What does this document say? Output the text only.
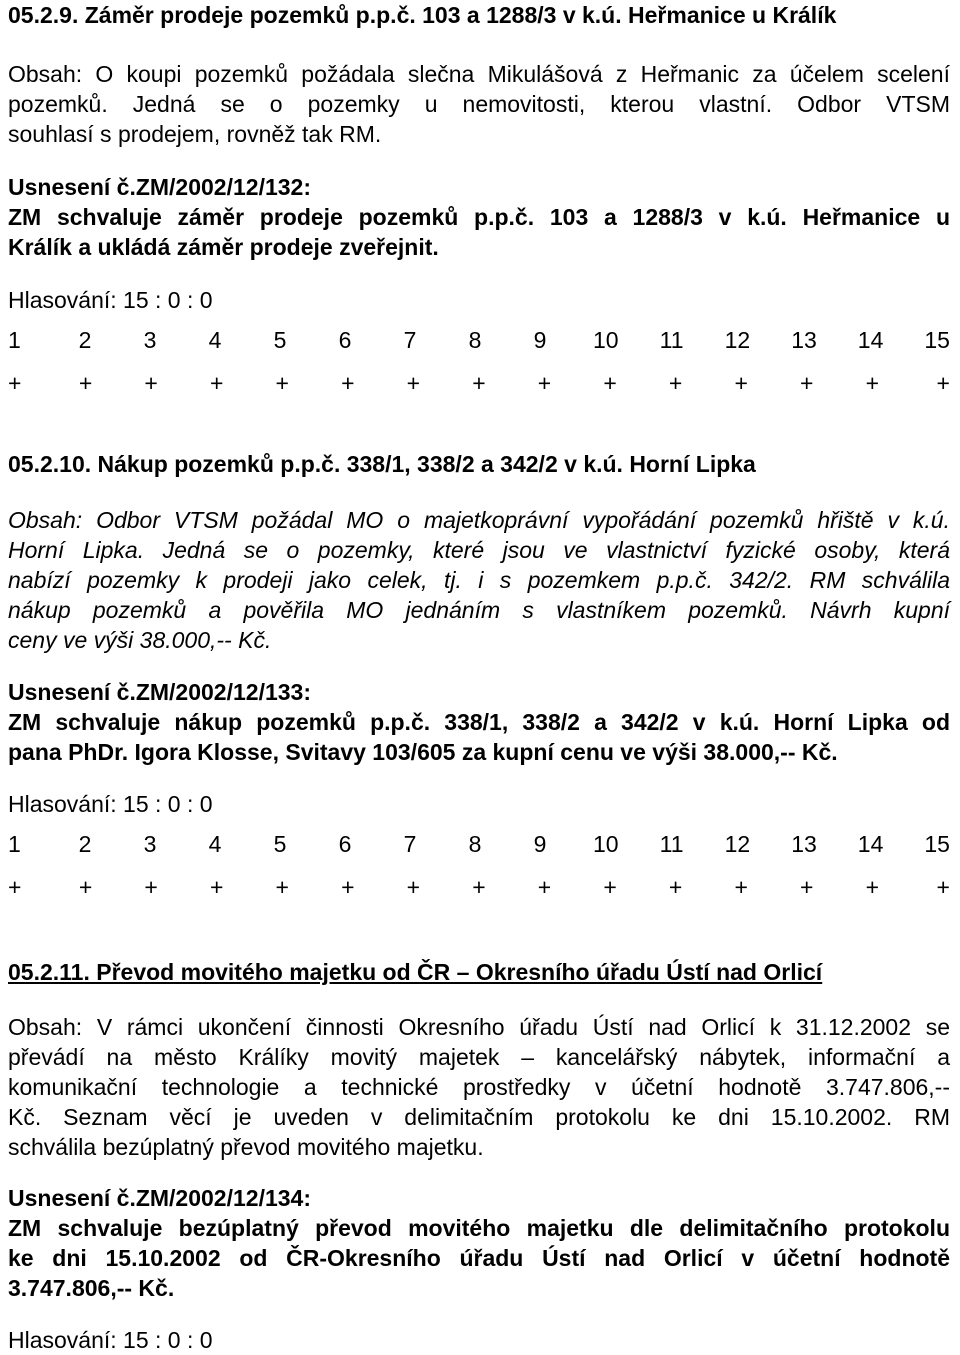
05.2.9. Záměr prodeje pozemků p.p.č. 103 a 1288/3 v k.ú. Heřmanice u Králík
Obsah: O koupi pozemků požádala slečna Mikulášová z Heřmanic za účelem scelení
pozemků. Jedná se o pozemky u nemovitosti, kterou vlastní. Odbor VTSM
souhlasí s prodejem, rovněž tak RM.
Usnesení č.ZM/2002/12/132:
ZM schvaluje záměr prodeje pozemků p.p.č. 103 a 1288/3 v k.ú. Heřmanice u
Králík a ukládá záměr prodeje zveřejnit.
Hlasování: 15 : 0 : 0
1	2 3 4 5 6 7 8 9 10 11 12 13 14 15
+	+ + + + + + + + + + + + +	+
05.2.10. Nákup pozemků p.p.č. 338/1, 338/2 a 342/2 v k.ú. Horní Lipka
Obsah: Odbor VTSM požádal MO o majetkoprávní vypořádání pozemků hřiště v k.ú.
Horní Lipka. Jedná se o pozemky, které jsou ve vlastnictví fyzické osoby, která
nabízí pozemky k prodeji jako celek, tj. i s pozemkem p.p.č. 342/2. RM schválila
nákup pozemků a pověřila MO jednáním s vlastníkem pozemků. Návrh kupní
ceny ve výši 38.000,-- Kč.
Usnesení č.ZM/2002/12/133:
ZM schvaluje nákup pozemků p.p.č. 338/1, 338/2 a 342/2 v k.ú. Horní Lipka od
pana PhDr. Igora Klosse, Svitavy 103/605 za kupní cenu ve výši 38.000,-- Kč.
Hlasování: 15 : 0 : 0
1	2 3 4 5 6 7 8 9 10 11 12 13 14 15
+	+ + + + + + + + + + + + +	+
05.2.11. Převod movitého majetku od ČR – Okresního úřadu Ústí nad Orlicí
Obsah: V rámci ukončení činnosti Okresního úřadu Ústí nad Orlicí k 31.12.2002 se
převádí na město Králíky movitý majetek – kancelářský nábytek, informační a
komunikační technologie a technické prostředky v účetní hodnotě 3.747.806,--
Kč. Seznam věcí je uveden v delimitačním protokolu ke dni 15.10.2002. RM
schválila bezúplatný převod movitého majetku.
Usnesení č.ZM/2002/12/134:
ZM schvaluje bezúplatný převod movitého majetku dle delimitačního protokolu
ke dni 15.10.2002 od ČR-Okresního úřadu Ústí nad Orlicí v účetní hodnotě
3.747.806,-- Kč.
Hlasování: 15 : 0 : 0
